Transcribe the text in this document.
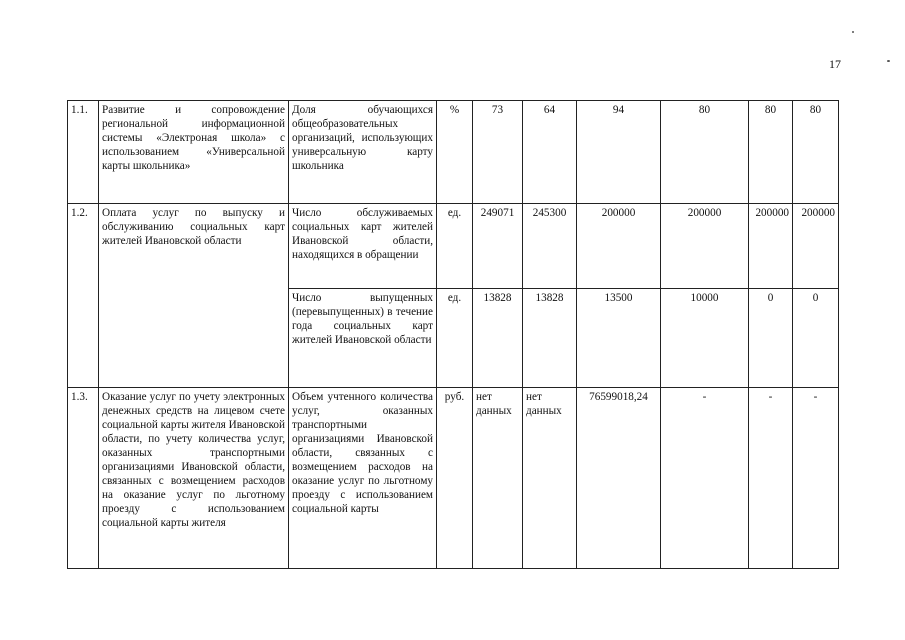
17
1.1.	Развитие и сопровождение региональной информационной системы «Электроная школа» с использованием «Универсальной карты школьника»	Доля обучающихся общеобразовательных организаций, использующих универсальную карту школьника	%	73	64	94	80	80	80
1.2.	Оплата услуг по выпуску и обслуживанию социальных карт жителей Ивановской области	Число обслуживаемых социальных карт жителей Ивановской области, находящихся в обращении	ед.	249071	245300	200000	200000	200000	200000
		Число выпущенных (перевыпущенных) в течение года социальных карт жителей Ивановской области	ед.	13828	13828	13500	10000	0	0
1.3.	Оказание услуг по учету электронных денежных средств на лицевом счете социальной карты жителя Ивановской области, по учету количества услуг, оказанных транспортными организациями Ивановской области, связанных с возмещением расходов на оказание услуг по льготному проезду с использованием социальной карты жителя	Объем учтенного количества услуг, оказанных транспортными организациями Ивановской области, связанных с возмещением расходов на оказание услуг по льготному проезду с использованием социальной карты	руб.	нет данных	нет данных	76599018,24	-	-	-
